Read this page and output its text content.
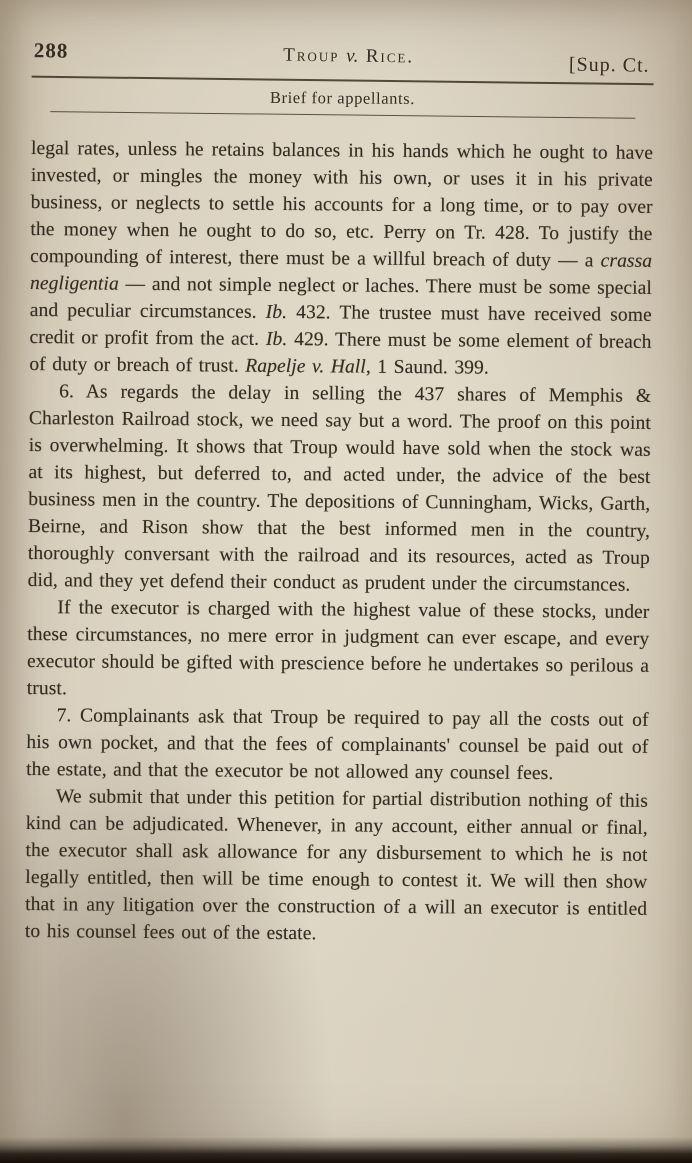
288	Troup v. Rice.	[Sup. Ct.
Brief for appellants.

legal rates, unless he retains balances in his hands which he ought to have invested, or mingles the money with his own, or uses it in his private business, or neglects to settle his accounts for a long time, or to pay over the money when he ought to do so, etc. Perry on Tr. 428. To justify the compounding of interest, there must be a willful breach of duty — a crassa negligentia — and not simple neglect or laches. There must be some special and peculiar circumstances. Ib. 432. The trustee must have received some credit or profit from the act. Ib. 429. There must be some element of breach of duty or breach of trust. Rapelje v. Hall, 1 Saund. 399.

6. As regards the delay in selling the 437 shares of Memphis & Charleston Railroad stock, we need say but a word. The proof on this point is overwhelming. It shows that Troup would have sold when the stock was at its highest, but deferred to, and acted under, the advice of the best business men in the country. The depositions of Cunningham, Wicks, Garth, Beirne, and Rison show that the best informed men in the country, thoroughly conversant with the railroad and its resources, acted as Troup did, and they yet defend their conduct as prudent under the circumstances.

If the executor is charged with the highest value of these stocks, under these circumstances, no mere error in judgment can ever escape, and every executor should be gifted with prescience before he undertakes so perilous a trust.

7. Complainants ask that Troup be required to pay all the costs out of his own pocket, and that the fees of complainants' counsel be paid out of the estate, and that the executor be not allowed any counsel fees.

We submit that under this petition for partial distribution nothing of this kind can be adjudicated. Whenever, in any account, either annual or final, the executor shall ask allowance for any disbursement to which he is not legally entitled, then will be time enough to contest it. We will then show that in any litigation over the construction of a will an executor is entitled to his counsel fees out of the estate.
